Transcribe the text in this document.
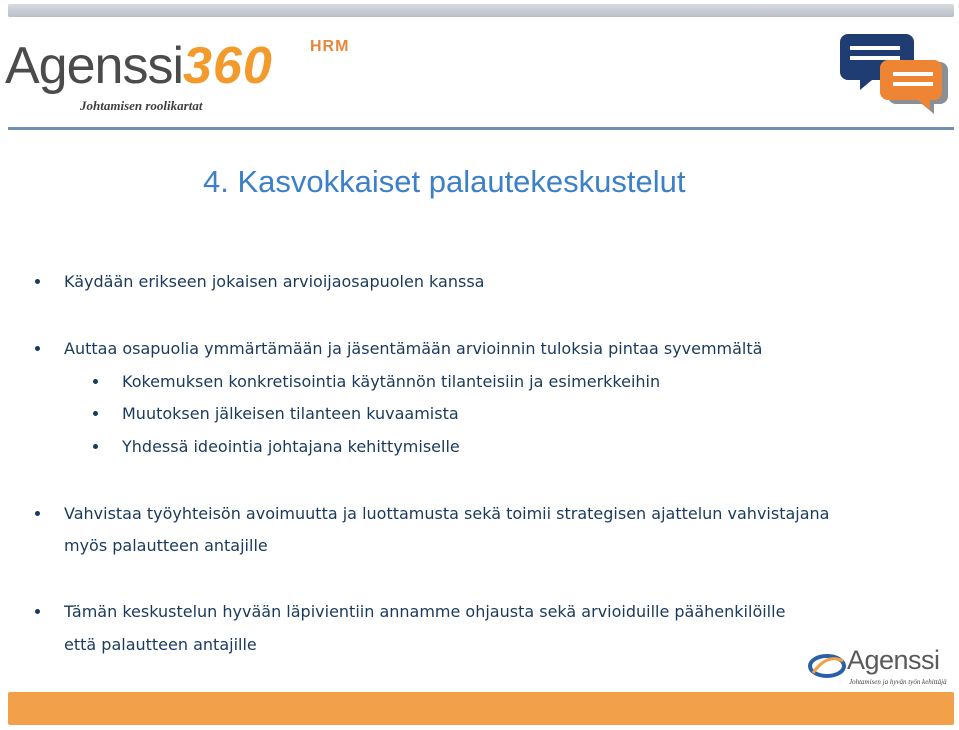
Agenssi360 HRM
Johtamisen roolikartat
4. Kasvokkaiset palautekeskustelut
Käydään erikseen jokaisen arvioijaosapuolen kanssa
Auttaa osapuolia ymmärtämään ja jäsentämään arvioinnin tuloksia pintaa syvemmältä
Kokemuksen konkretisointia käytännön tilanteisiin ja esimerkkeihin
Muutoksen jälkeisen tilanteen kuvaamista
Yhdessä ideointia johtajana kehittymiselle
Vahvistaa työyhteisön avoimuutta ja luottamusta sekä toimii strategisen ajattelun vahvistajana
myös palautteen antajille
Tämän keskustelun hyvään läpivientiin annamme ohjausta sekä arvioiduille päähenkilöille
että palautteen antajille
Agenssi
Johtamisen ja hyvän työn kehittäjä
